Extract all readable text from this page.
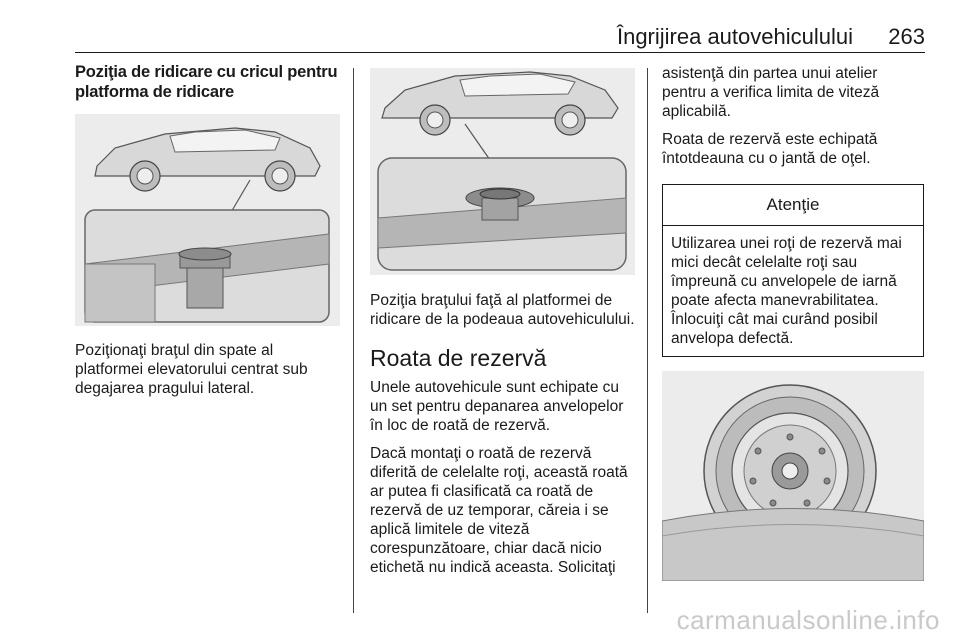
Îngrijirea autovehiculului 263
Poziţia de ridicare cu cricul pentru platforma de ridicare
Poziţionaţi braţul din spate al platformei elevatorului centrat sub degajarea pragului lateral.
Poziţia braţului faţă al platformei de ridicare de la podeaua autovehiculului.
Roata de rezervă
Unele autovehicule sunt echipate cu un set pentru depanarea anvelopelor în loc de roată de rezervă.
Dacă montaţi o roată de rezervă diferită de celelalte roţi, această roată ar putea fi clasificată ca roată de rezervă de uz temporar, căreia i se aplică limitele de viteză corespunzătoare, chiar dacă nicio etichetă nu indică aceasta. Solicitaţi
asistenţă din partea unui atelier pentru a verifica limita de viteză aplicabilă.
Roata de rezervă este echipată întotdeauna cu o jantă de oţel.
Atenţie
Utilizarea unei roţi de rezervă mai mici decât celelalte roţi sau împreună cu anvelopele de iarnă poate afecta manevrabilitatea. Înlocuiţi cât mai curând posibil anvelopa defectă.
carmanualsonline.info
